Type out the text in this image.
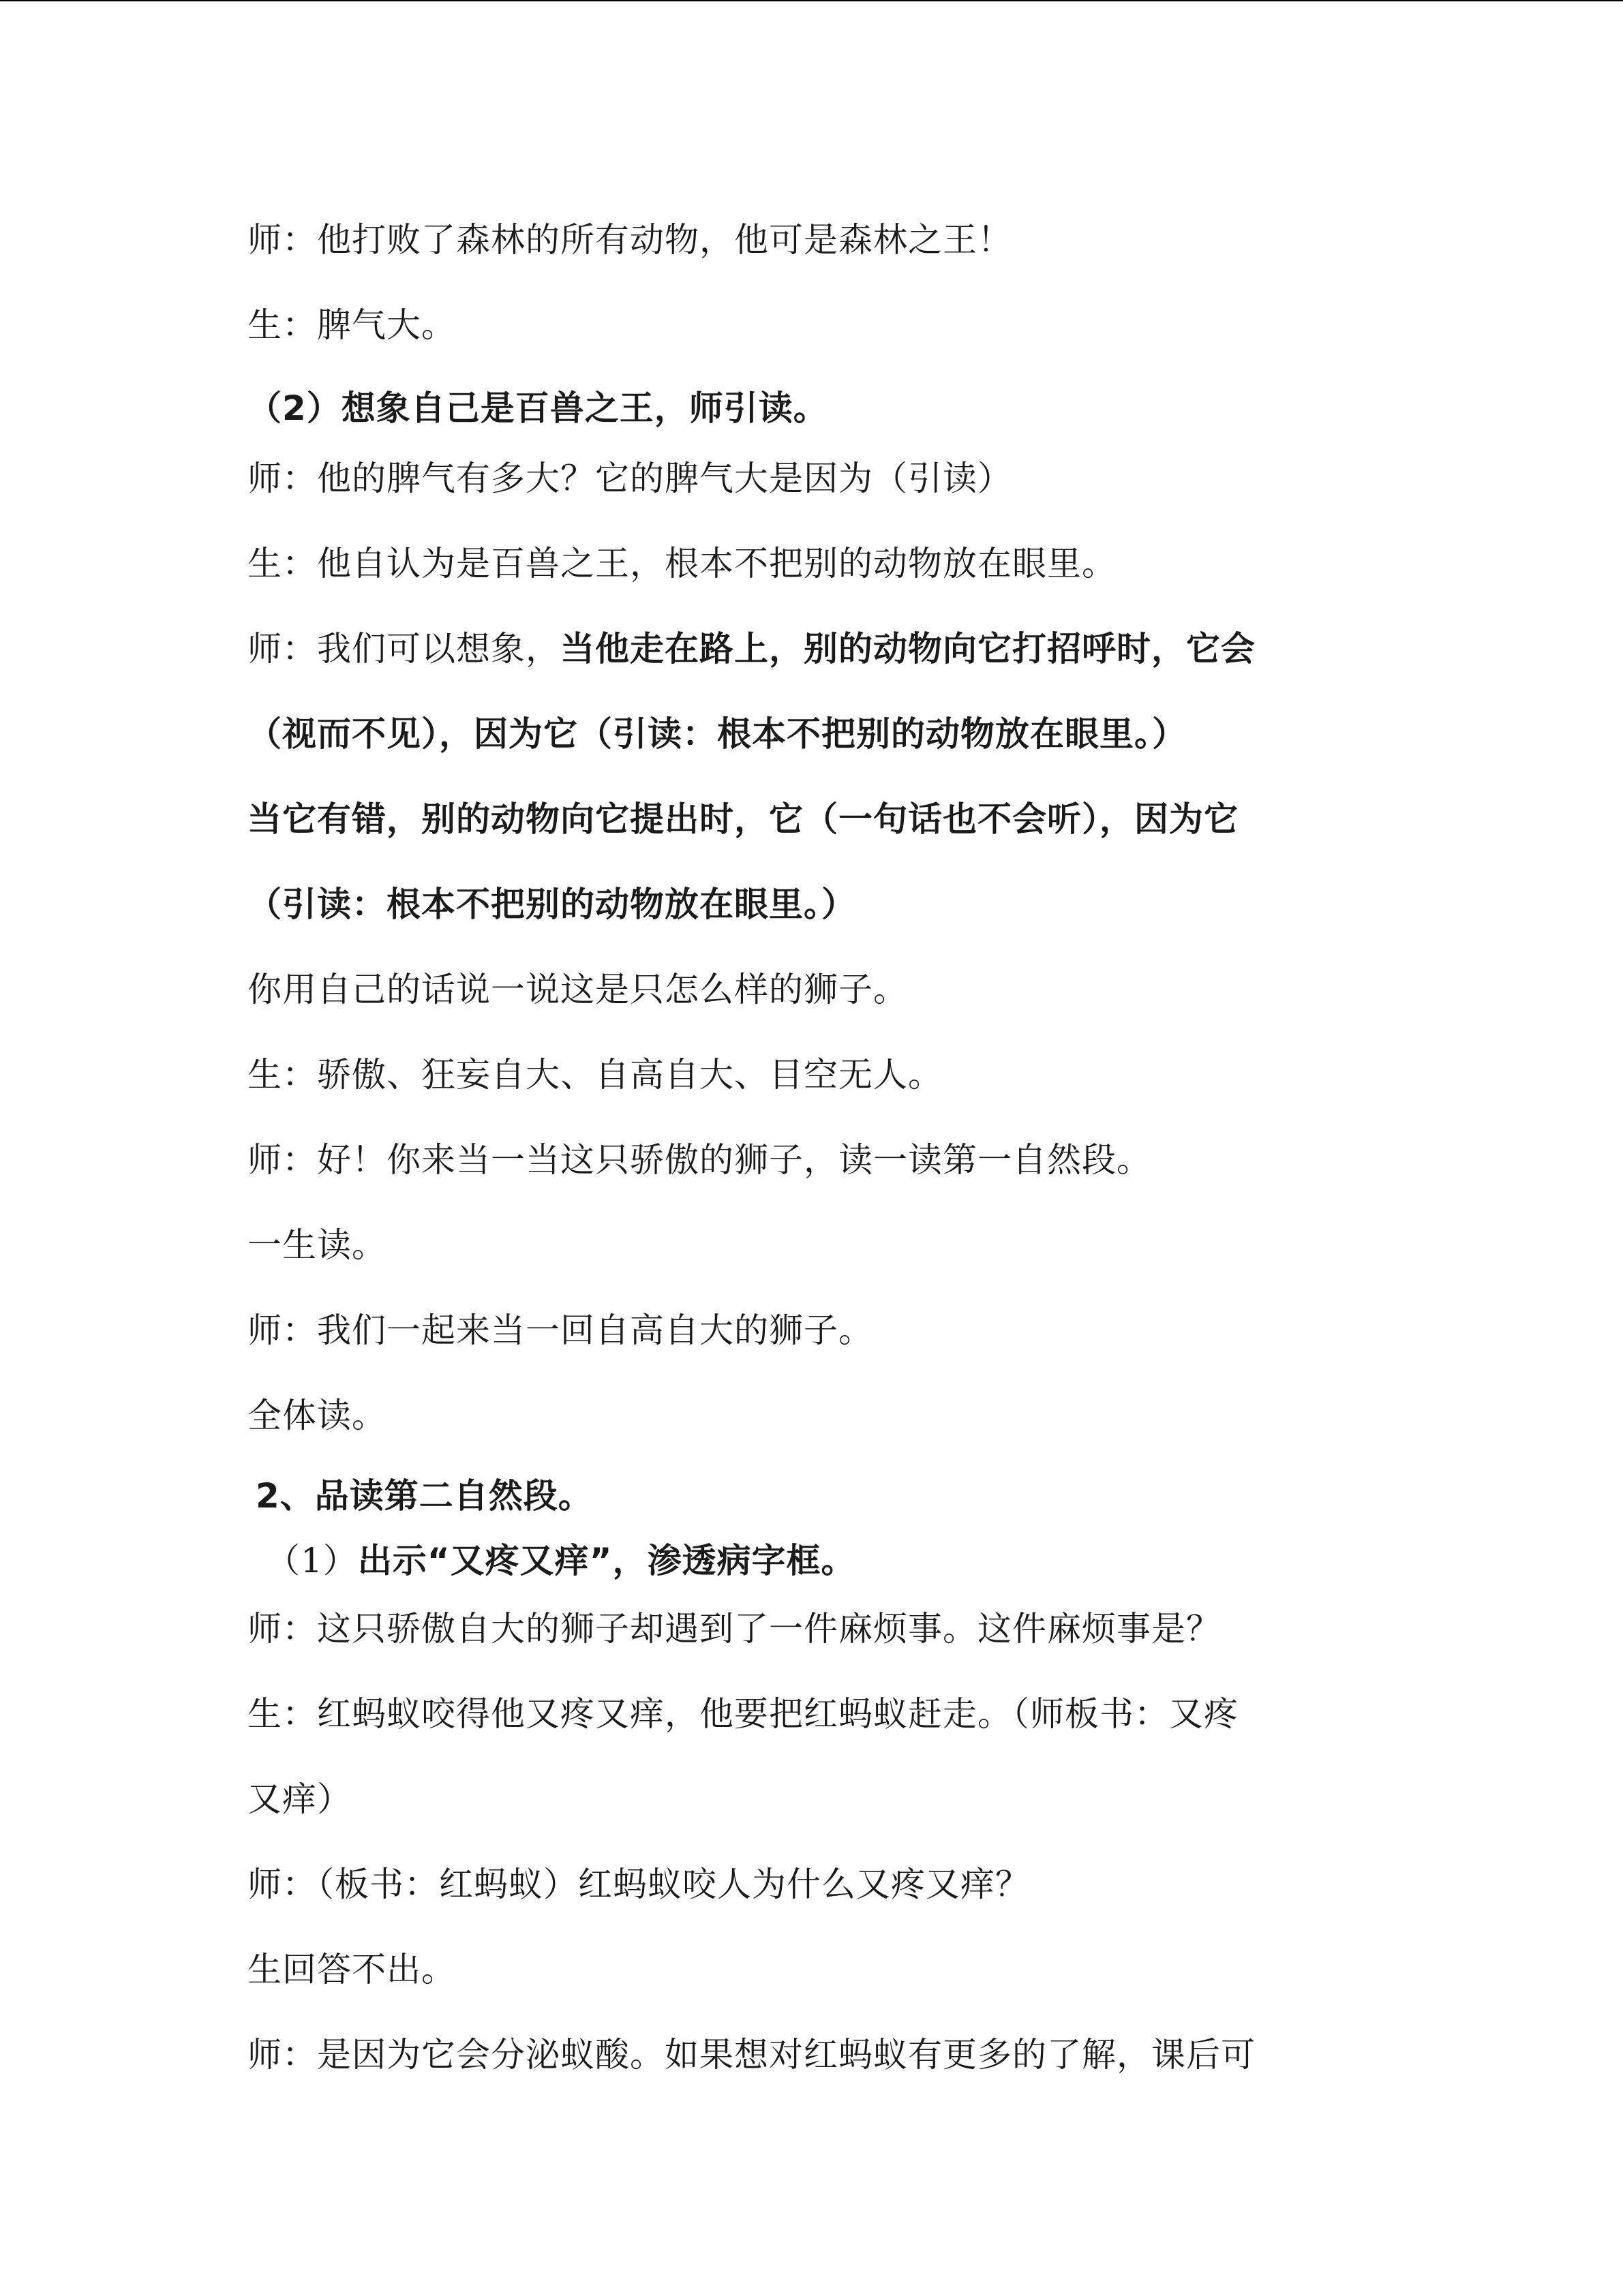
师：他打败了森林的所有动物，他可是森林之王！
生：脾气大。
（2）想象自己是百兽之王，师引读。
师：他的脾气有多大？它的脾气大是因为（引读）
生：他自认为是百兽之王，根本不把别的动物放在眼里。
师：我们可以想象，当他走在路上，别的动物向它打招呼时，它会
（视而不见），因为它（引读：根本不把别的动物放在眼里。）
当它有错，别的动物向它提出时，它（一句话也不会听），因为它
（引读：根本不把别的动物放在眼里。）
你用自己的话说一说这是只怎么样的狮子。
生：骄傲、狂妄自大、自高自大、目空无人。
师：好！你来当一当这只骄傲的狮子，读一读第一自然段。
一生读。
师：我们一起来当一回自高自大的狮子。
全体读。
2、品读第二自然段。
（1）出示“又疼又痒”，渗透病字框。
师：这只骄傲自大的狮子却遇到了一件麻烦事。这件麻烦事是？
生：红蚂蚁咬得他又疼又痒，他要把红蚂蚁赶走。（师板书：又疼
又痒）
师：（板书：红蚂蚁）红蚂蚁咬人为什么又疼又痒？
生回答不出。
师：是因为它会分泌蚁酸。如果想对红蚂蚁有更多的了解，课后可
